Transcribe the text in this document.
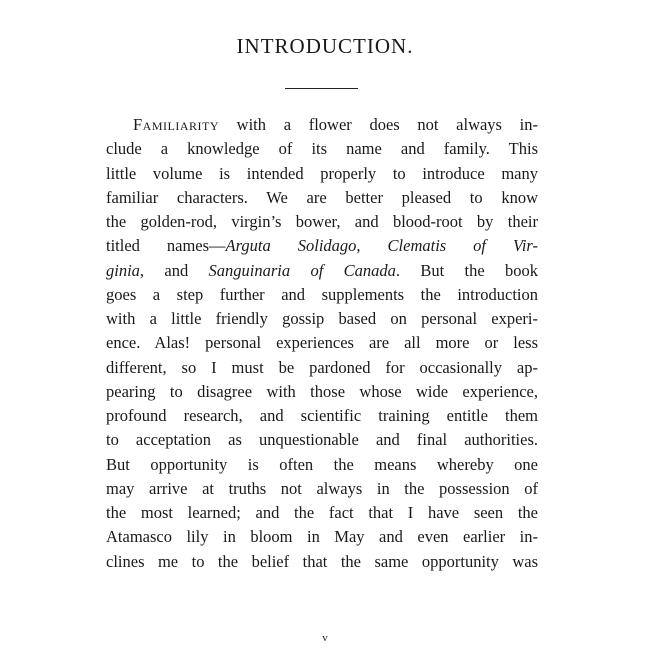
INTRODUCTION.
Familiarity with a flower does not always in-
clude a knowledge of its name and family. This
little volume is intended properly to introduce many
familiar characters. We are better pleased to know
the golden-rod, virgin’s bower, and blood-root by their
titled names—Arguta Solidago, Clematis of Vir-
ginia, and Sanguinaria of Canada. But the book
goes a step further and supplements the introduction
with a little friendly gossip based on personal experi-
ence. Alas! personal experiences are all more or less
different, so I must be pardoned for occasionally ap-
pearing to disagree with those whose wide experience,
profound research, and scientific training entitle them
to acceptation as unquestionable and final authorities.
But opportunity is often the means whereby one
may arrive at truths not always in the possession of
the most learned; and the fact that I have seen the
Atamasco lily in bloom in May and even earlier in-
clines me to the belief that the same opportunity was
v
